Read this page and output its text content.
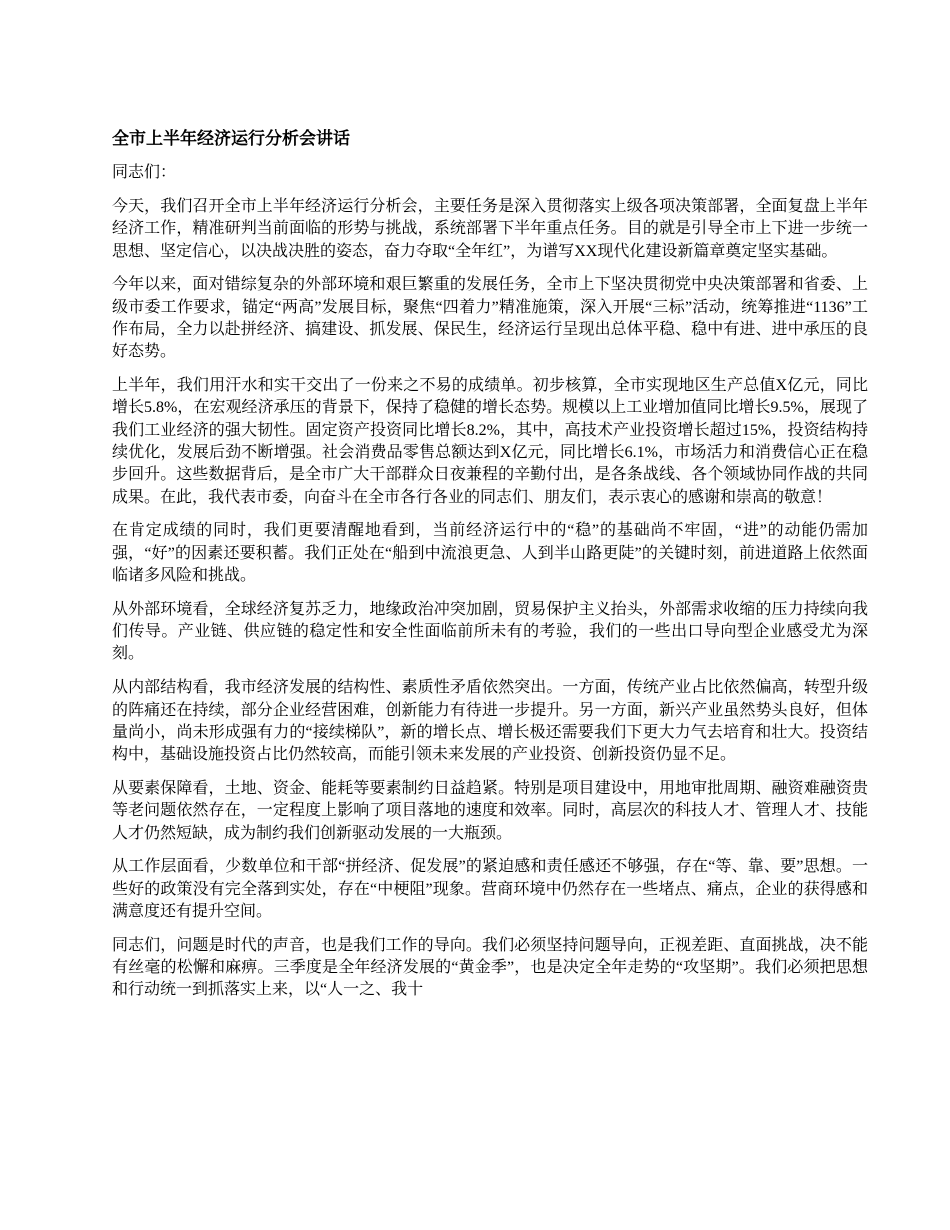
全市上半年经济运行分析会讲话

同志们：

今天，我们召开全市上半年经济运行分析会，主要任务是深入贯彻落实上级各项决策部署，全面复盘上半年经济工作，精准研判当前面临的形势与挑战，系统部署下半年重点任务。目的就是引导全市上下进一步统一思想、坚定信心，以决战决胜的姿态，奋力夺取“全年红”，为谱写XX现代化建设新篇章奠定坚实基础。

今年以来，面对错综复杂的外部环境和艰巨繁重的发展任务，全市上下坚决贯彻党中央决策部署和省委、上级市委工作要求，锚定“两高”发展目标，聚焦“四着力”精准施策，深入开展“三标”活动，统筹推进“1136”工作布局，全力以赴拼经济、搞建设、抓发展、保民生，经济运行呈现出总体平稳、稳中有进、进中承压的良好态势。

上半年，我们用汗水和实干交出了一份来之不易的成绩单。初步核算，全市实现地区生产总值X亿元，同比增长5.8%，在宏观经济承压的背景下，保持了稳健的增长态势。规模以上工业增加值同比增长9.5%，展现了我们工业经济的强大韧性。固定资产投资同比增长8.2%，其中，高技术产业投资增长超过15%，投资结构持续优化，发展后劲不断增强。社会消费品零售总额达到X亿元，同比增长6.1%，市场活力和消费信心正在稳步回升。这些数据背后，是全市广大干部群众日夜兼程的辛勤付出，是各条战线、各个领域协同作战的共同成果。在此，我代表市委，向奋斗在全市各行各业的同志们、朋友们，表示衷心的感谢和崇高的敬意！

在肯定成绩的同时，我们更要清醒地看到，当前经济运行中的“稳”的基础尚不牢固，“进”的动能仍需加强，“好”的因素还要积蓄。我们正处在“船到中流浪更急、人到半山路更陡”的关键时刻，前进道路上依然面临诸多风险和挑战。

从外部环境看，全球经济复苏乏力，地缘政治冲突加剧，贸易保护主义抬头，外部需求收缩的压力持续向我们传导。产业链、供应链的稳定性和安全性面临前所未有的考验，我们的一些出口导向型企业感受尤为深刻。

从内部结构看，我市经济发展的结构性、素质性矛盾依然突出。一方面，传统产业占比依然偏高，转型升级的阵痛还在持续，部分企业经营困难，创新能力有待进一步提升。另一方面，新兴产业虽然势头良好，但体量尚小，尚未形成强有力的“接续梯队”，新的增长点、增长极还需要我们下更大力气去培育和壮大。投资结构中，基础设施投资占比仍然较高，而能引领未来发展的产业投资、创新投资仍显不足。

从要素保障看，土地、资金、能耗等要素制约日益趋紧。特别是项目建设中，用地审批周期、融资难融资贵等老问题依然存在，一定程度上影响了项目落地的速度和效率。同时，高层次的科技人才、管理人才、技能人才仍然短缺，成为制约我们创新驱动发展的一大瓶颈。

从工作层面看，少数单位和干部“拼经济、促发展”的紧迫感和责任感还不够强，存在“等、靠、要”思想。一些好的政策没有完全落到实处，存在“中梗阻”现象。营商环境中仍然存在一些堵点、痛点，企业的获得感和满意度还有提升空间。

同志们，问题是时代的声音，也是我们工作的导向。我们必须坚持问题导向，正视差距、直面挑战，决不能有丝毫的松懈和麻痹。三季度是全年经济发展的“黄金季”，也是决定全年走势的“攻坚期”。我们必须把思想和行动统一到抓落实上来，以“人一之、我十
